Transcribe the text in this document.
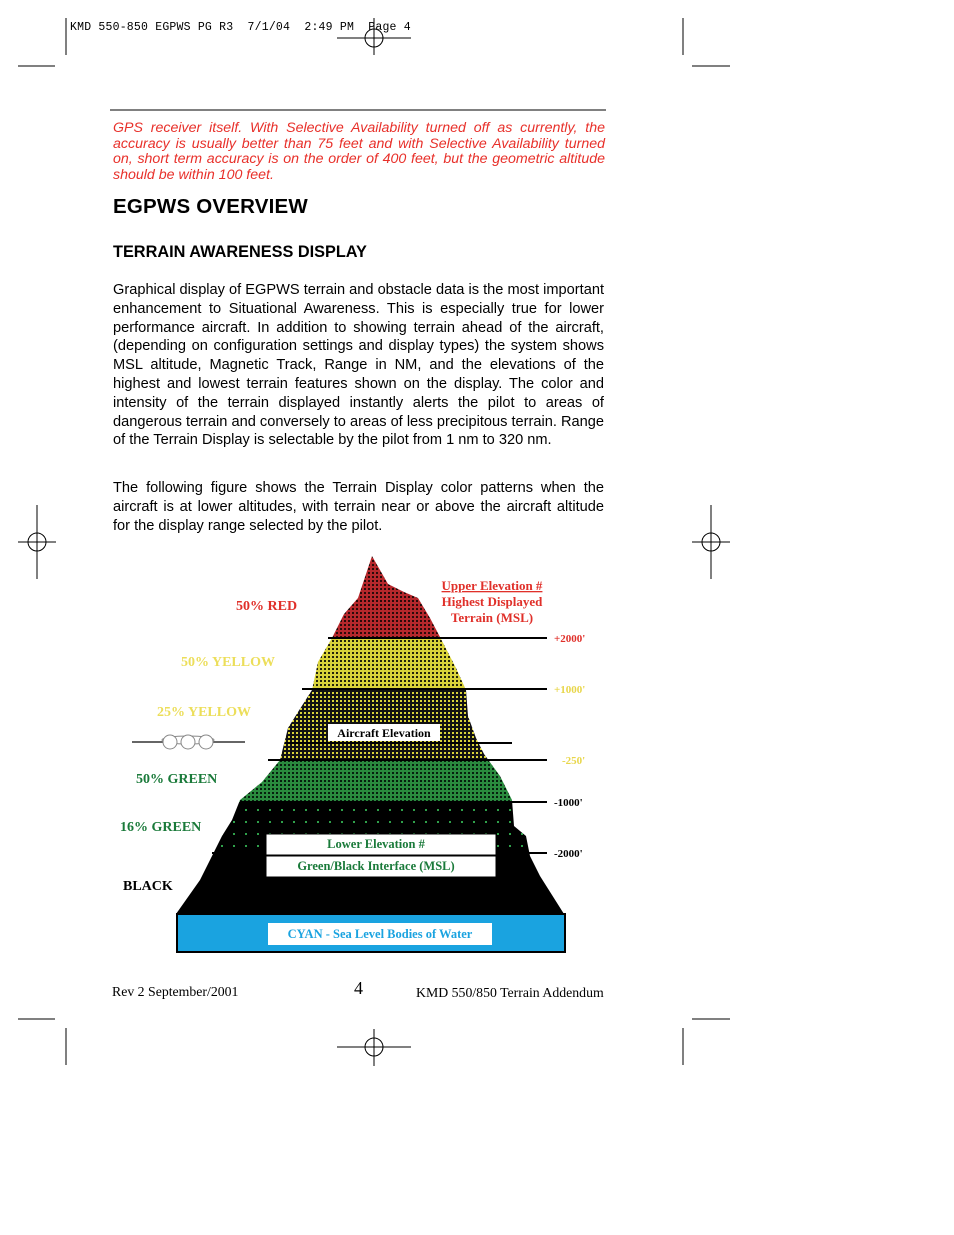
KMD 550-850 EGPWS PG R3  7/1/04  2:49 PM  Page 4
GPS receiver itself. With Selective Availability turned off as currently, the accuracy is usually better than 75 feet and with Selective Availability turned on, short term accuracy is on the order of 400 feet, but the geometric altitude should be within 100 feet.
EGPWS OVERVIEW
TERRAIN AWARENESS DISPLAY
Graphical display of EGPWS terrain and obstacle data is the most important enhancement to Situational Awareness. This is especially true for lower performance aircraft. In addition to showing terrain ahead of the aircraft, (depending on configuration settings and display types) the system shows MSL altitude, Magnetic Track, Range in NM, and the elevations of the highest and lowest terrain features shown on the display. The color and intensity of the terrain displayed instantly alerts the pilot to areas of dangerous terrain and conversely to areas of less precipitous terrain. Range of the Terrain Display is selectable by the pilot from 1 nm to 320 nm.
The following figure shows the Terrain Display color patterns when the aircraft is at lower altitudes, with terrain near or above the aircraft altitude for the display range selected by the pilot.
Aircraft Elevation
Lower Elevation #
Green/Black Interface (MSL)
CYAN - Sea Level Bodies of Water
Upper Elevation #
Highest Displayed
Terrain (MSL)
+2000'
+1000'
-250'
-1000'
-2000'
50% RED
50% YELLOW
25% YELLOW
50% GREEN
16% GREEN
BLACK
Rev 2 September/2001	4	KMD 550/850 Terrain Addendum
